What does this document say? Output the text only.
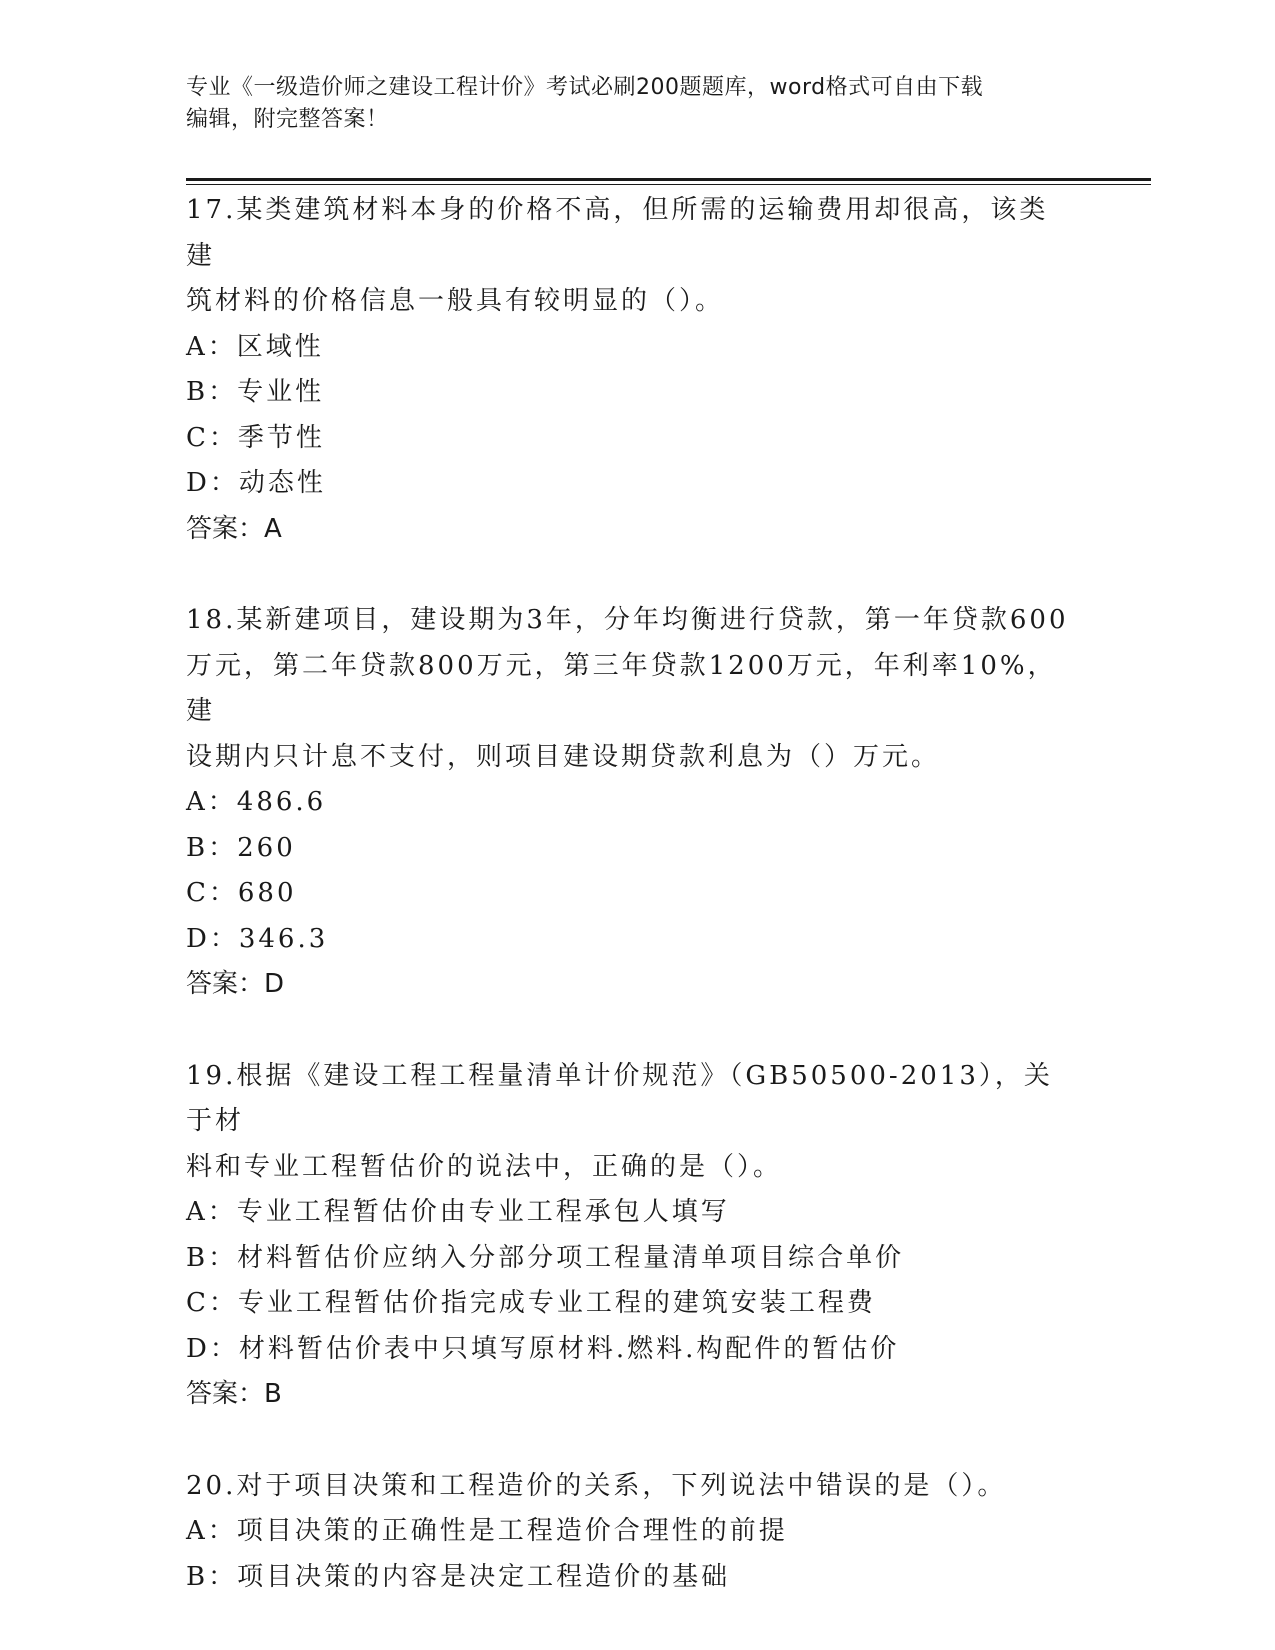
专业《一级造价师之建设工程计价》考试必刷200题题库，word格式可自由下载
编辑，附完整答案！

17.某类建筑材料本身的价格不高，但所需的运输费用却很高，该类建

筑材料的价格信息一般具有较明显的（）。

A：区域性

B：专业性

C：季节性

D：动态性

答案：A

18.某新建项目，建设期为3年，分年均衡进行贷款，第一年贷款600

万元，第二年贷款800万元，第三年贷款1200万元，年利率10%，建

设期内只计息不支付，则项目建设期贷款利息为（）万元。

A：486.6

B：260

C：680

D：346.3

答案：D

19.根据《建设工程工程量清单计价规范》（GB50500-2013），关于材

料和专业工程暂估价的说法中，正确的是（）。

A：专业工程暂估价由专业工程承包人填写

B：材料暂估价应纳入分部分项工程量清单项目综合单价

C：专业工程暂估价指完成专业工程的建筑安装工程费

D：材料暂估价表中只填写原材料.燃料.构配件的暂估价

答案：B

20.对于项目决策和工程造价的关系，下列说法中错误的是（）。

A：项目决策的正确性是工程造价合理性的前提

B：项目决策的内容是决定工程造价的基础
